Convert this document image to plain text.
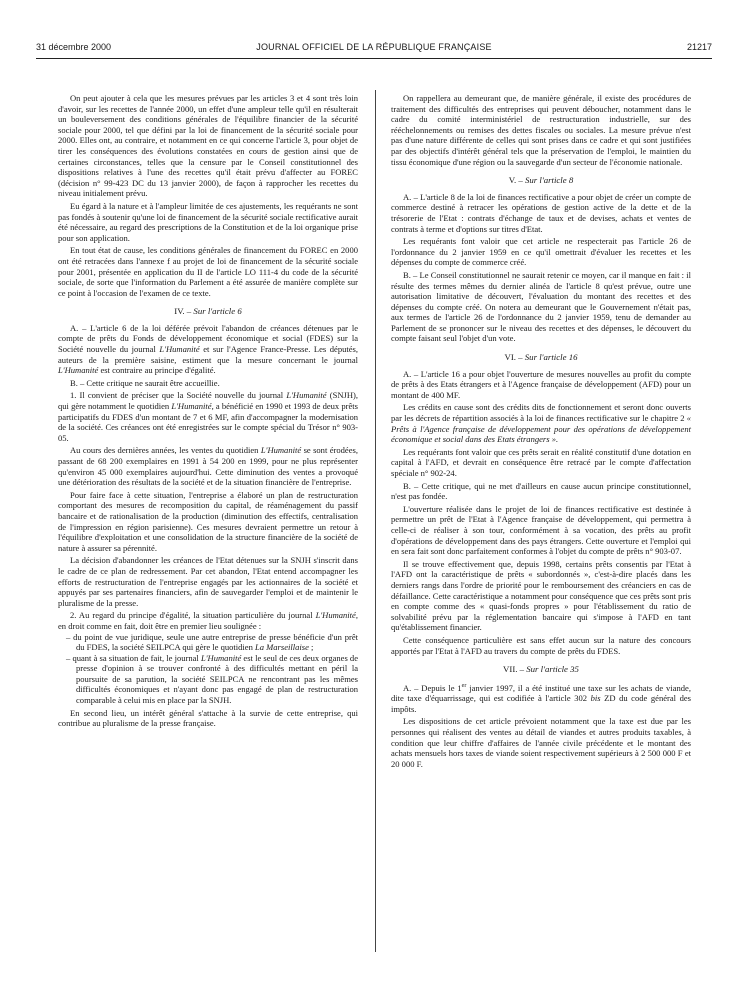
31 décembre 2000	JOURNAL OFFICIEL DE LA RÉPUBLIQUE FRANÇAISE	21217

On peut ajouter à cela que les mesures prévues par les articles 3 et 4 sont très loin d'avoir, sur les recettes de l'année 2000, un effet d'une ampleur telle qu'il en résulterait un bouleversement des conditions générales de l'équilibre financier de la sécurité sociale pour 2000, tel que défini par la loi de financement de la sécurité sociale pour 2000. Elles ont, au contraire, et notamment en ce qui concerne l'article 3, pour objet de tirer les conséquences des évolutions constatées en cours de gestion ainsi que de certaines circonstances, telles que la censure par le Conseil constitutionnel des dispositions relatives à l'une des recettes qu'il était prévu d'affecter au FOREC (décision n° 99-423 DC du 13 janvier 2000), de façon à rapprocher les recettes du niveau initialement prévu.

Eu égard à la nature et à l'ampleur limitée de ces ajustements, les requérants ne sont pas fondés à soutenir qu'une loi de financement de la sécurité sociale rectificative aurait été nécessaire, au regard des prescriptions de la Constitution et de la loi organique prise pour son application.

En tout état de cause, les conditions générales de financement du FOREC en 2000 ont été retracées dans l'annexe f au projet de loi de financement de la sécurité sociale pour 2001, présentée en application du II de l'article LO 111-4 du code de la sécurité sociale, de sorte que l'information du Parlement a été assurée de manière complète sur ce point à l'occasion de l'examen de ce texte.

IV. – Sur l'article 6

A. – L'article 6 de la loi déférée prévoit l'abandon de créances détenues par le compte de prêts du Fonds de développement économique et social (FDES) sur la Société nouvelle du journal L'Humanité et sur l'Agence France-Presse. Les députés, auteurs de la première saisine, estiment que la mesure concernant le journal L'Humanité est contraire au principe d'égalité.

B. – Cette critique ne saurait être accueillie.

1. Il convient de préciser que la Société nouvelle du journal L'Humanité (SNJH), qui gère notamment le quotidien L'Humanité, a bénéficié en 1990 et 1993 de deux prêts participatifs du FDES d'un montant de 7 et 6 MF, afin d'accompagner la modernisation de la société. Ces créances ont été enregistrées sur le compte spécial du Trésor n° 903-05.

Au cours des dernières années, les ventes du quotidien L'Humanité se sont érodées, passant de 68 200 exemplaires en 1991 à 54 200 en 1999, pour ne plus représenter qu'environ 45 000 exemplaires aujourd'hui. Cette diminution des ventes a provoqué une détérioration des résultats de la société et de la situation financière de l'entreprise.

Pour faire face à cette situation, l'entreprise a élaboré un plan de restructuration comportant des mesures de recomposition du capital, de réaménagement du passif bancaire et de rationalisation de la production (diminution des effectifs, centralisation de l'impression en région parisienne). Ces mesures devraient permettre un retour à l'équilibre d'exploitation et une consolidation de la structure financière de la société de nature à assurer sa pérennité.

La décision d'abandonner les créances de l'Etat détenues sur la SNJH s'inscrit dans le cadre de ce plan de redressement. Par cet abandon, l'Etat entend accompagner les efforts de restructuration de l'entreprise engagés par les actionnaires de la société et appuyés par ses partenaires financiers, afin de sauvegarder l'emploi et de maintenir le pluralisme de la presse.

2. Au regard du principe d'égalité, la situation particulière du journal L'Humanité, en droit comme en fait, doit être en premier lieu soulignée :

– du point de vue juridique, seule une autre entreprise de presse bénéficie d'un prêt du FDES, la société SEILPCA qui gère le quotidien La Marseillaise ;
– quant à sa situation de fait, le journal L'Humanité est le seul de ces deux organes de presse d'opinion à se trouver confronté à des difficultés mettant en péril la poursuite de sa parution, la société SEILPCA ne rencontrant pas les mêmes difficultés économiques et n'ayant donc pas engagé de plan de restructuration comparable à celui mis en place par la SNJH.

En second lieu, un intérêt général s'attache à la survie de cette entreprise, qui contribue au pluralisme de la presse française.

On rappellera au demeurant que, de manière générale, il existe des procédures de traitement des difficultés des entreprises qui peuvent déboucher, notamment dans le cadre du comité interministériel de restructuration industrielle, sur des rééchelonnements ou remises des dettes fiscales ou sociales. La mesure prévue n'est pas d'une nature différente de celles qui sont prises dans ce cadre et qui sont justifiées par des objectifs d'intérêt général tels que la préservation de l'emploi, le maintien du tissu économique d'une région ou la sauvegarde d'un secteur de l'économie nationale.

V. – Sur l'article 8

A. – L'article 8 de la loi de finances rectificative a pour objet de créer un compte de commerce destiné à retracer les opérations de gestion active de la dette et de la trésorerie de l'Etat : contrats d'échange de taux et de devises, achats et ventes de contrats à terme et d'options sur titres d'Etat.

Les requérants font valoir que cet article ne respecterait pas l'article 26 de l'ordonnance du 2 janvier 1959 en ce qu'il omettrait d'évaluer les recettes et les dépenses du compte de commerce créé.

B. – Le Conseil constitutionnel ne saurait retenir ce moyen, car il manque en fait : il résulte des termes mêmes du dernier alinéa de l'article 8 qu'est prévue, outre une autorisation limitative de découvert, l'évaluation du montant des recettes et des dépenses du compte créé. On notera au demeurant que le Gouvernement n'était pas, aux termes de l'article 26 de l'ordonnance du 2 janvier 1959, tenu de demander au Parlement de se prononcer sur le niveau des recettes et des dépenses, le découvert du compte faisant seul l'objet d'un vote.

VI. – Sur l'article 16

A. – L'article 16 a pour objet l'ouverture de mesures nouvelles au profit du compte de prêts à des Etats étrangers et à l'Agence française de développement (AFD) pour un montant de 400 MF.

Les crédits en cause sont des crédits dits de fonctionnement et seront donc ouverts par les décrets de répartition associés à la loi de finances rectificative sur le chapitre 2 « Prêts à l'Agence française de développement pour des opérations de développement économique et social dans des Etats étrangers ».

Les requérants font valoir que ces prêts serait en réalité constitutif d'une dotation en capital à l'AFD, et devrait en conséquence être retracé par le compte d'affectation spéciale n° 902-24.

B. – Cette critique, qui ne met d'ailleurs en cause aucun principe constitutionnel, n'est pas fondée.

L'ouverture réalisée dans le projet de loi de finances rectificative est destinée à permettre un prêt de l'Etat à l'Agence française de développement, qui permettra à celle-ci de réaliser à son tour, conformément à sa vocation, des prêts au profit d'opérations de développement dans des pays étrangers. Cette ouverture et l'emploi qui en sera fait sont donc parfaitement conformes à l'objet du compte de prêts n° 903-07.

Il se trouve effectivement que, depuis 1998, certains prêts consentis par l'Etat à l'AFD ont la caractéristique de prêts « subordonnés », c'est-à-dire placés dans les derniers rangs dans l'ordre de priorité pour le remboursement des créanciers en cas de défaillance. Cette caractéristique a notamment pour conséquence que ces prêts sont pris en compte comme des « quasi-fonds propres » pour l'établissement du ratio de solvabilité prévu par la réglementation bancaire qui s'impose à l'AFD en tant qu'établissement financier.

Cette conséquence particulière est sans effet aucun sur la nature des concours apportés par l'Etat à l'AFD au travers du compte de prêts du FDES.

VII. – Sur l'article 35

A. – Depuis le 1er janvier 1997, il a été institué une taxe sur les achats de viande, dite taxe d'équarrissage, qui est codifiée à l'article 302 bis ZD du code général des impôts.

Les dispositions de cet article prévoient notamment que la taxe est due par les personnes qui réalisent des ventes au détail de viandes et autres produits taxables, à condition que leur chiffre d'affaires de l'année civile précédente et le montant des achats mensuels hors taxes de viande soient respectivement supérieurs à 2 500 000 F et 20 000 F.
